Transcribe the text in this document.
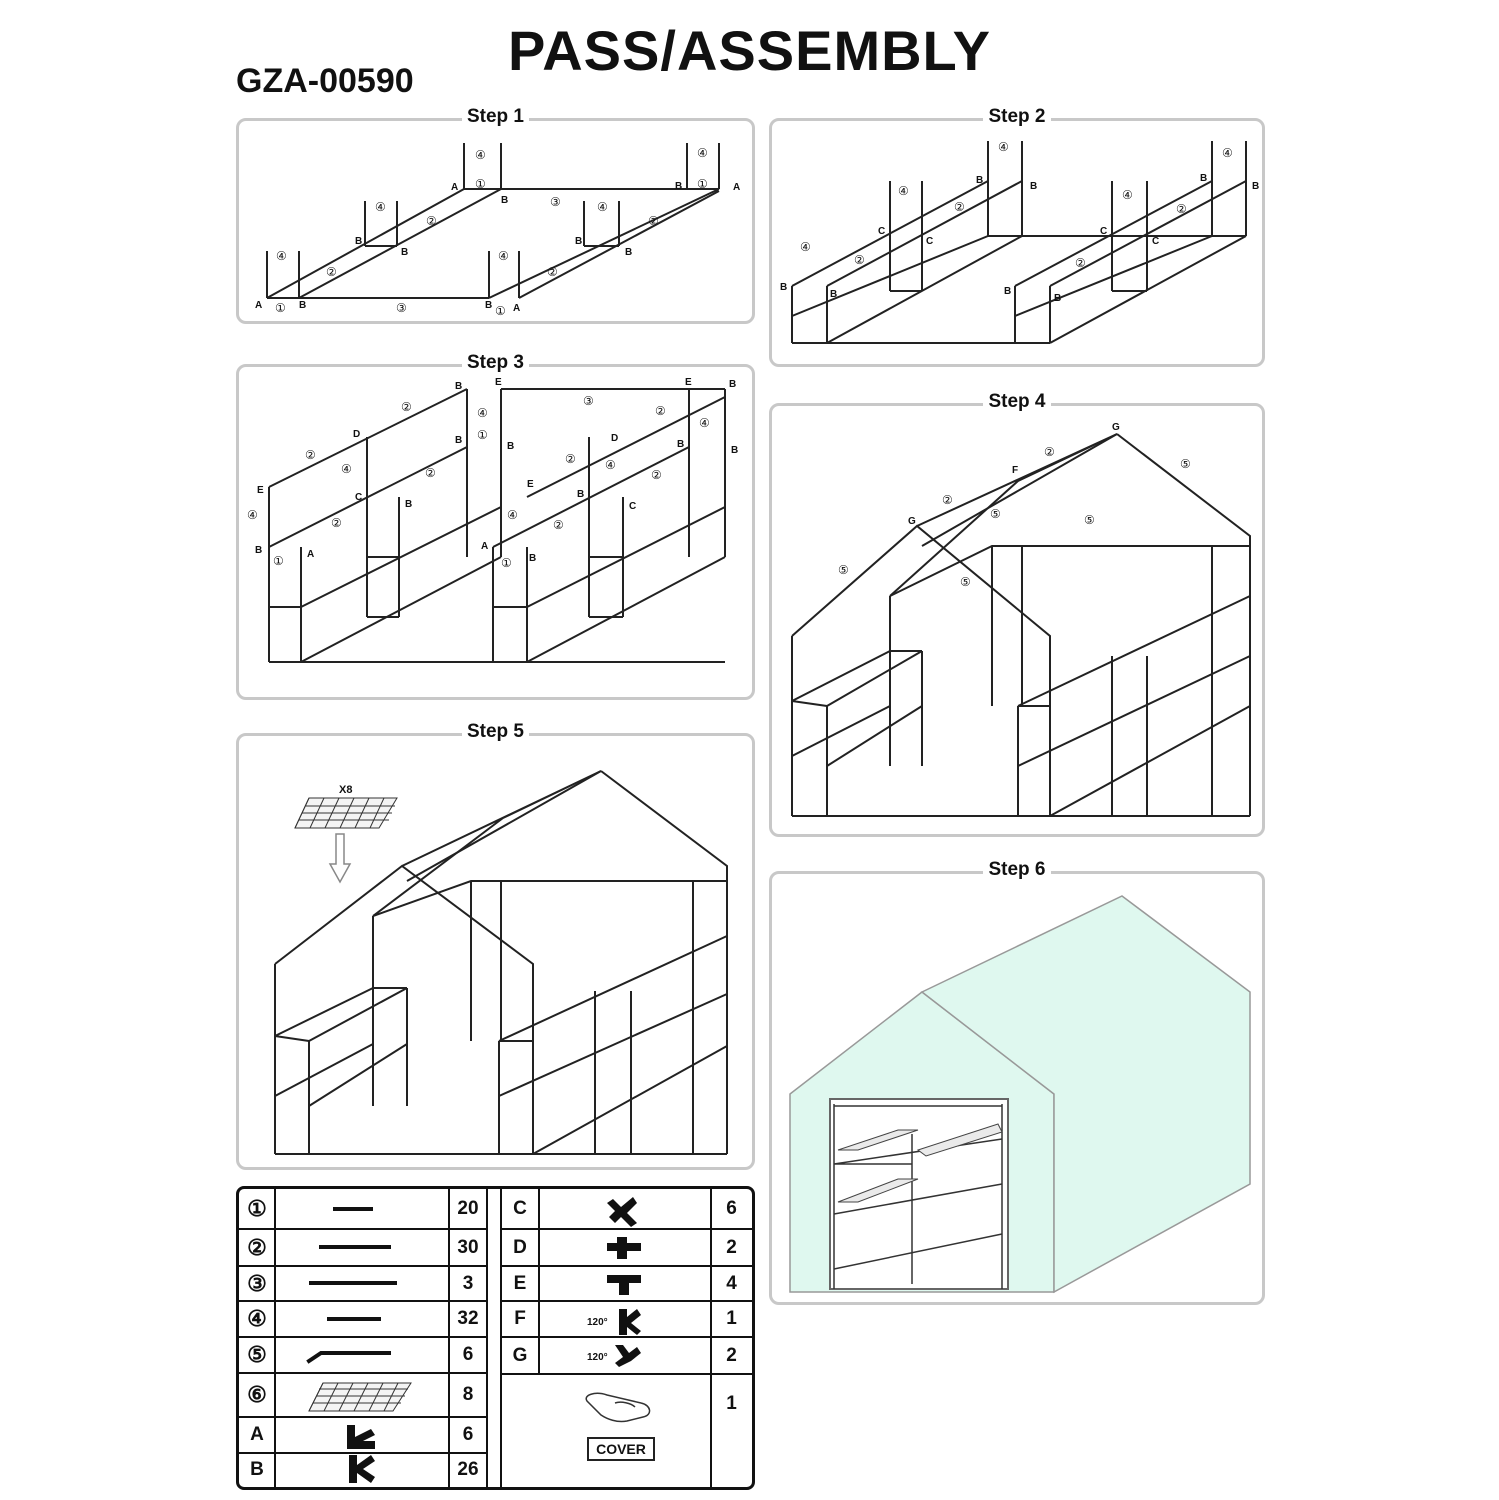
PASS/ASSEMBLY
GZA-00590
Step 1
A	B	B A
B
B
B
B
A
B
B	A
①	③	①
②
②
②
②
③
①	①
④
④
④
④
④	④
Step 2
B
B	B
B
C
C
C
C
B
B
B
B
④
④
④
④
④
②
②
②
②
Step 3
B	A
A
B
E
E
C
B
B
C
D	D
B
B	B
B
B	E	E	B
①	①
①
④	④
④	④
④
④
②	②
②	②
②	②
②	②
③	Step 4
G
F
G
⑤
⑤
⑤	⑤
⑤
②
②
Step 5
X8
Step 6
①	20
②	30
③	3
④	32
⑤	6
⑥	8
A	6
B	26
C	6
D	2
E	4
F	1
G	2
120°
120°
COVER
1
